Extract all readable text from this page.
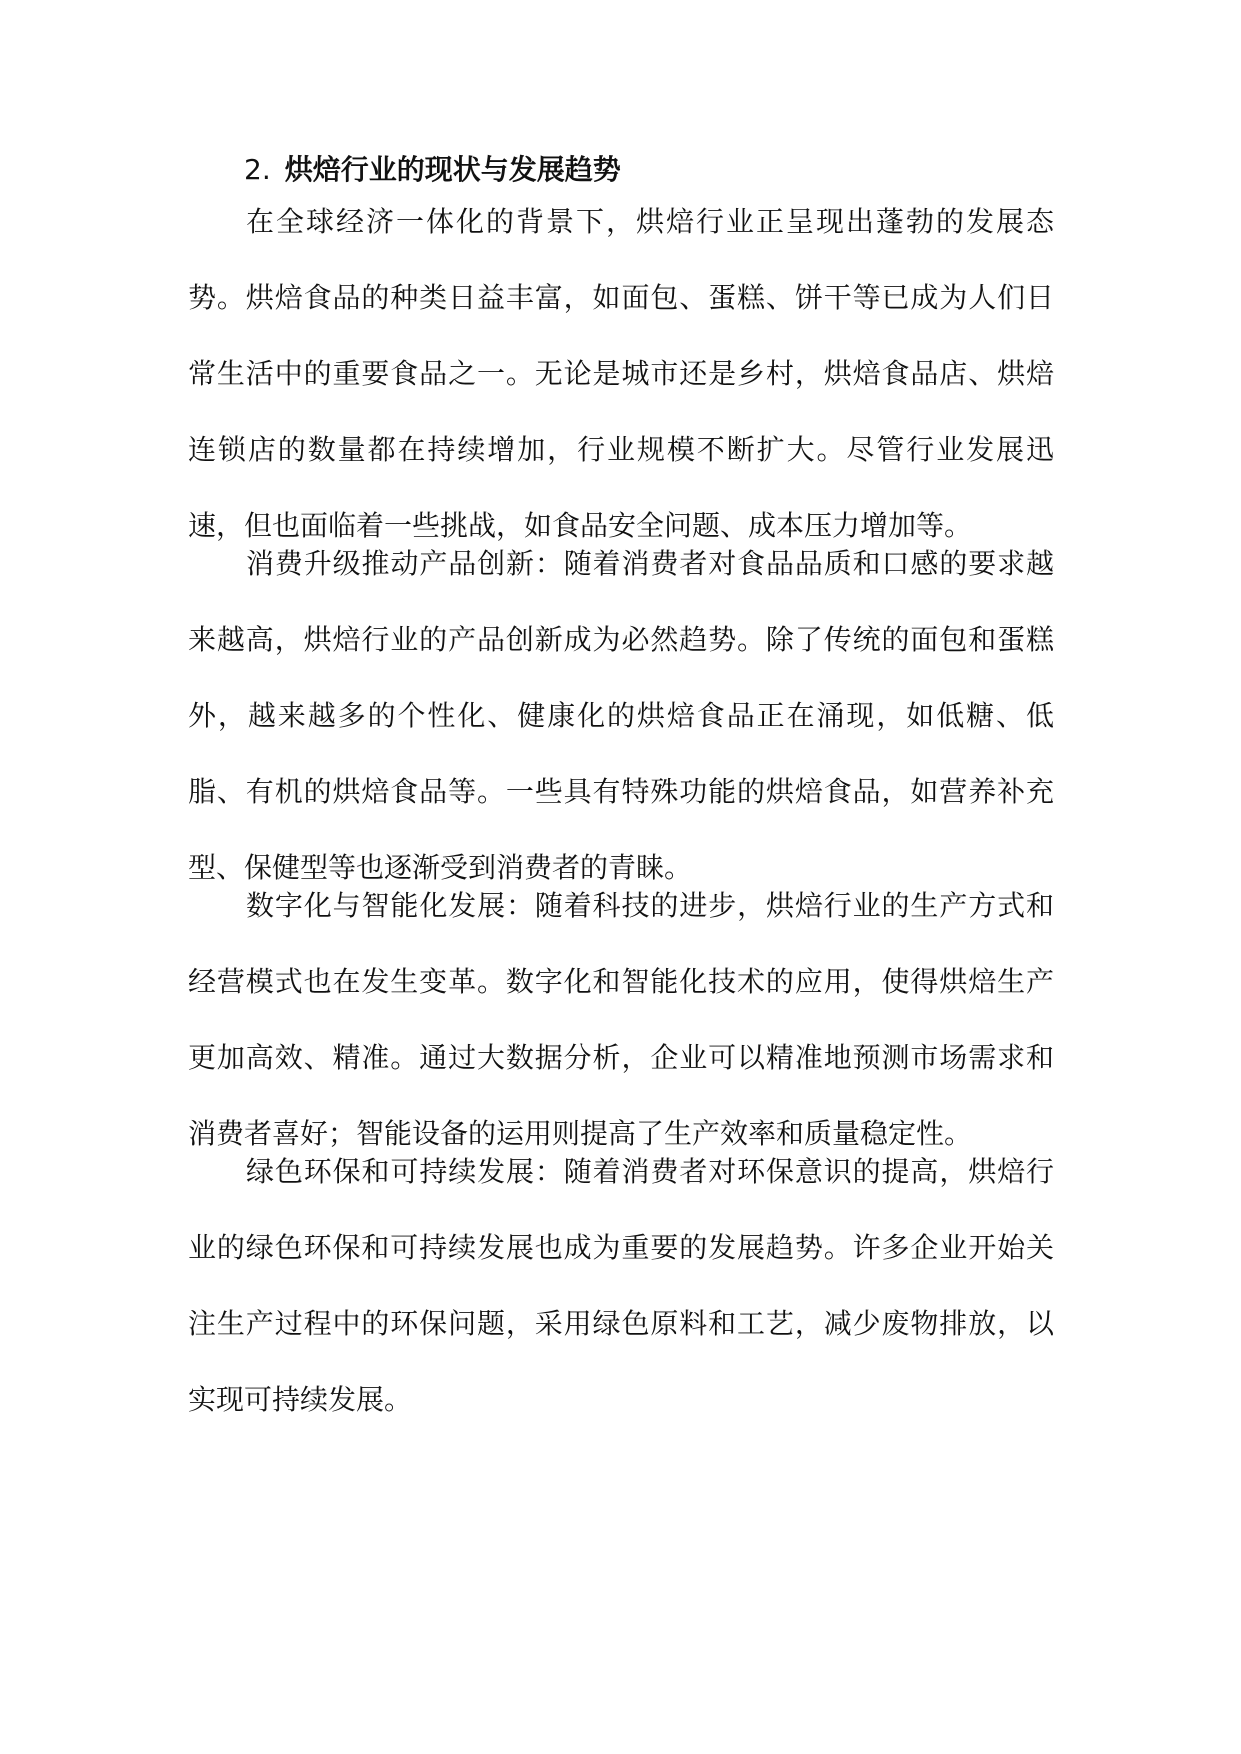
2. 烘焙行业的现状与发展趋势

在全球经济一体化的背景下，烘焙行业正呈现出蓬勃的发展态势。烘焙食品的种类日益丰富，如面包、蛋糕、饼干等已成为人们日常生活中的重要食品之一。无论是城市还是乡村，烘焙食品店、烘焙连锁店的数量都在持续增加，行业规模不断扩大。尽管行业发展迅速，但也面临着一些挑战，如食品安全问题、成本压力增加等。

消费升级推动产品创新：随着消费者对食品品质和口感的要求越来越高，烘焙行业的产品创新成为必然趋势。除了传统的面包和蛋糕外，越来越多的个性化、健康化的烘焙食品正在涌现，如低糖、低脂、有机的烘焙食品等。一些具有特殊功能的烘焙食品，如营养补充型、保健型等也逐渐受到消费者的青睐。

数字化与智能化发展：随着科技的进步，烘焙行业的生产方式和经营模式也在发生变革。数字化和智能化技术的应用，使得烘焙生产更加高效、精准。通过大数据分析，企业可以精准地预测市场需求和消费者喜好；智能设备的运用则提高了生产效率和质量稳定性。

绿色环保和可持续发展：随着消费者对环保意识的提高，烘焙行业的绿色环保和可持续发展也成为重要的发展趋势。许多企业开始关注生产过程中的环保问题，采用绿色原料和工艺，减少废物排放，以实现可持续发展。
